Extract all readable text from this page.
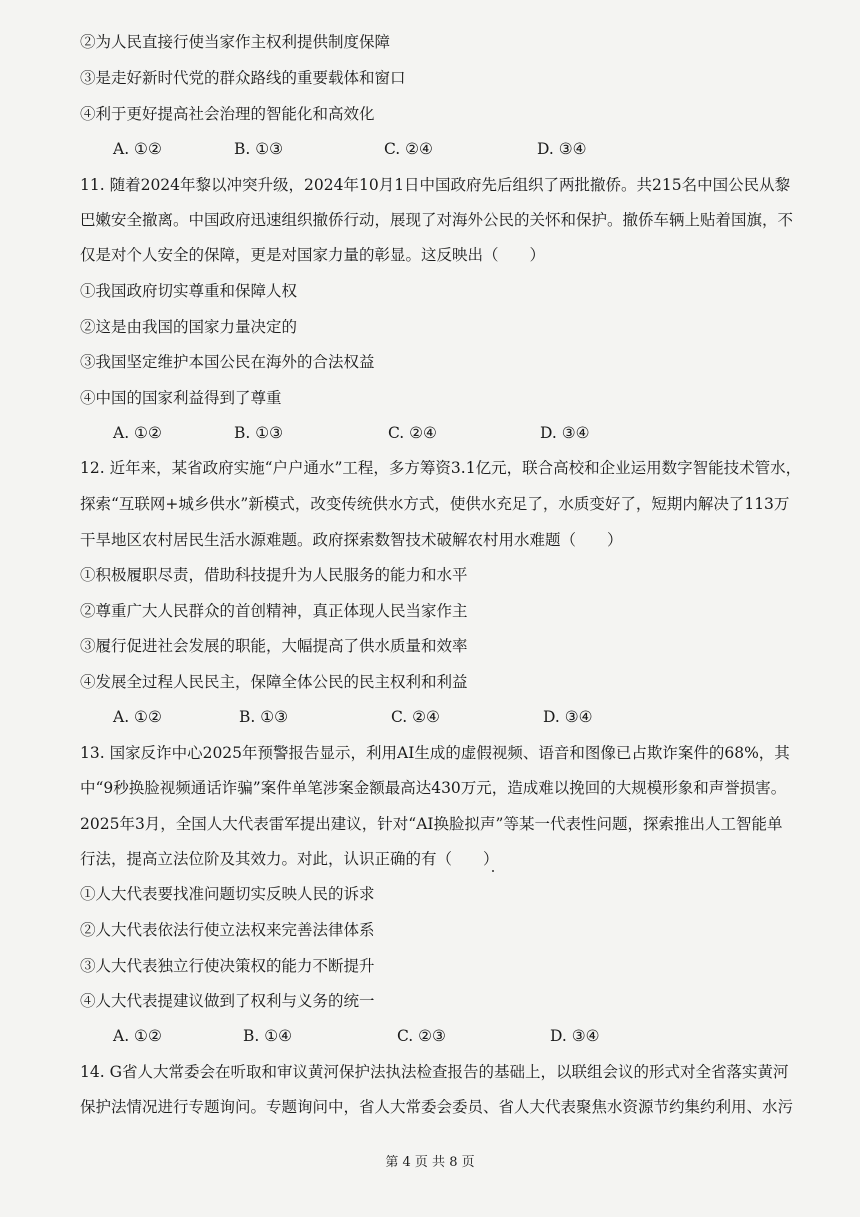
②为人民直接行使当家作主权利提供制度保障
③是走好新时代党的群众路线的重要载体和窗口
④利于更好提高社会治理的智能化和高效化
A. ①②	B. ①③	C. ②④	D. ③④
11. 随着2024年黎以冲突升级，2024年10月1日中国政府先后组织了两批撤侨。共215名中国公民从黎
巴嫩安全撤离。中国政府迅速组织撤侨行动，展现了对海外公民的关怀和保护。撤侨车辆上贴着国旗，不
仅是对个人安全的保障，更是对国家力量的彰显。这反映出（　　）
①我国政府切实尊重和保障人权
②这是由我国的国家力量决定的
③我国坚定维护本国公民在海外的合法权益
④中国的国家利益得到了尊重
A. ①②	B. ①③	C. ②④	D. ③④
12. 近年来，某省政府实施“户户通水”工程，多方筹资3.1亿元，联合高校和企业运用数字智能技术管水，
探索“互联网+城乡供水”新模式，改变传统供水方式，使供水充足了，水质变好了，短期内解决了113万
干旱地区农村居民生活水源难题。政府探索数智技术破解农村用水难题（　　）
①积极履职尽责，借助科技提升为人民服务的能力和水平
②尊重广大人民群众的首创精神，真正体现人民当家作主
③履行促进社会发展的职能，大幅提高了供水质量和效率
④发展全过程人民民主，保障全体公民的民主权利和利益
A. ①②	B. ①③	C. ②④	D. ③④
13. 国家反诈中心2025年预警报告显示，利用AI生成的虚假视频、语音和图像已占欺诈案件的68%，其
中“9秒换脸视频通话诈骗”案件单笔涉案金额最高达430万元，造成难以挽回的大规模形象和声誉损害。
2025年3月，全国人大代表雷军提出建议，针对“AI换脸拟声”等某一代表性问题，探索推出人工智能单
行法，提高立法位阶及其效力。对此，认识正确的有（　　）
①人大代表要找准问题切实反映人民的诉求
②人大代表依法行使立法权来完善法律体系
③人大代表独立行使决策权的能力不断提升
④人大代表提建议做到了权利与义务的统一
A. ①②	B. ①④	C. ②③	D. ③④
14. G省人大常委会在听取和审议黄河保护法执法检查报告的基础上，以联组会议的形式对全省落实黄河
保护法情况进行专题询问。专题询问中，省人大常委会委员、省人大代表聚焦水资源节约集约利用、水污
第 4 页 共 8 页
